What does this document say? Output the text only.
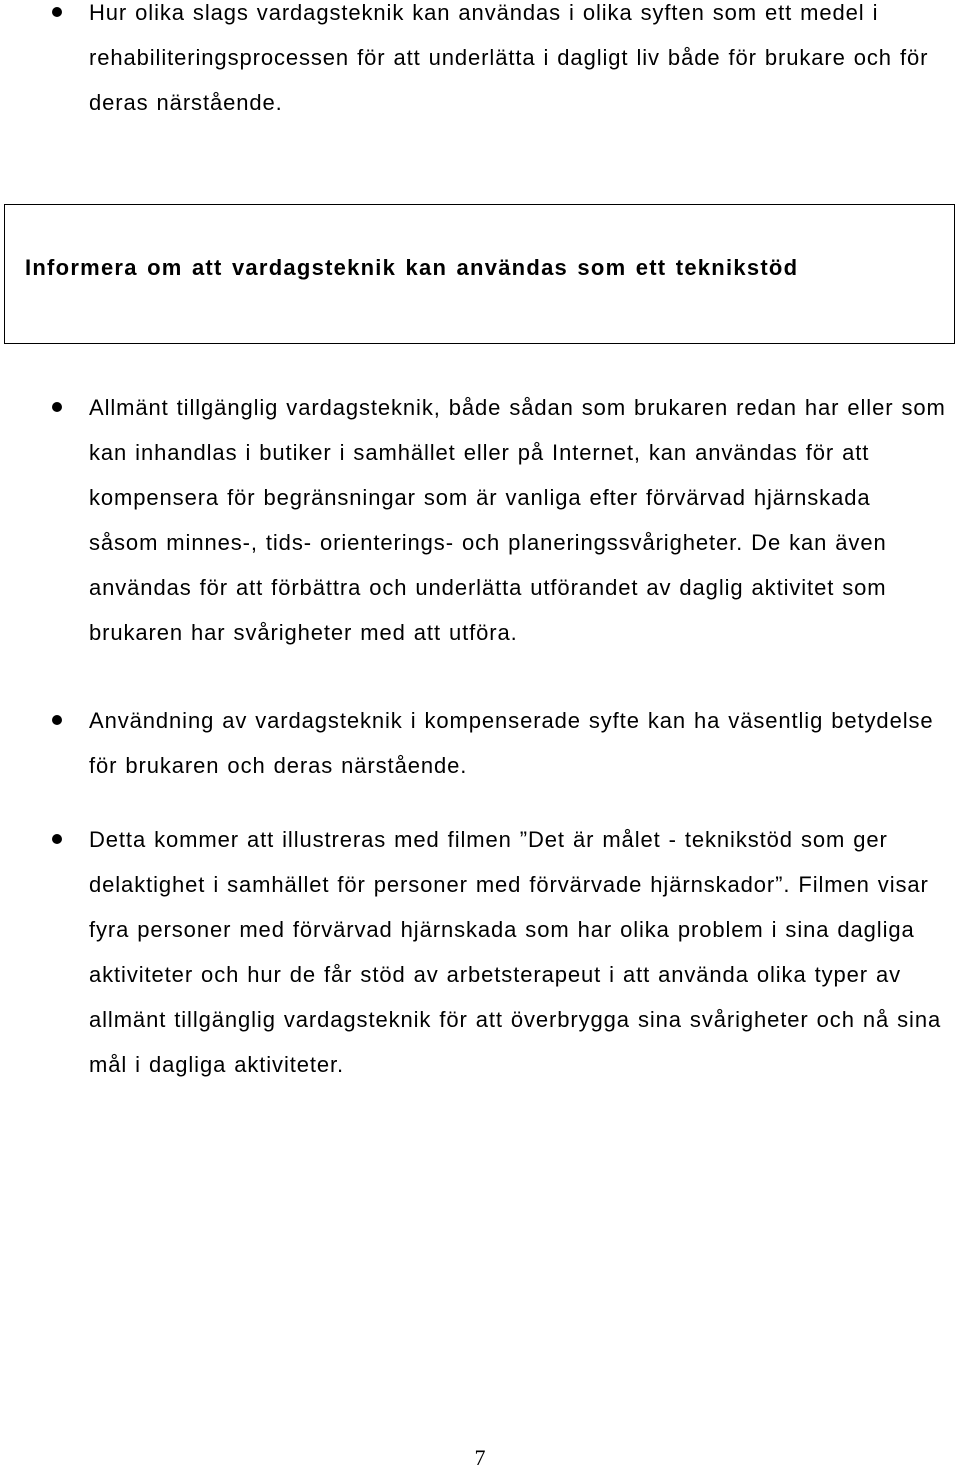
Hur olika slags vardagsteknik kan användas i olika syften som ett medel i rehabiliteringsprocessen för att underlätta i dagligt liv både för brukare och för deras närstående.
Informera om att vardagsteknik kan användas som ett teknikstöd
Allmänt tillgänglig vardagsteknik, både sådan som brukaren redan har eller som kan inhandlas i butiker i samhället eller på Internet, kan användas för att kompensera för begränsningar som är vanliga efter förvärvad hjärnskada såsom minnes-, tids- orienterings- och planeringssvårigheter. De kan även användas för att förbättra och underlätta utförandet av daglig aktivitet som brukaren har svårigheter med att utföra.
Användning av vardagsteknik i kompenserade syfte kan ha väsentlig betydelse för brukaren och deras närstående.
Detta kommer att illustreras med filmen ”Det är målet - teknikstöd som ger delaktighet i samhället för personer med förvärvade hjärnskador”. Filmen visar fyra personer med förvärvad hjärnskada som har olika problem i sina dagliga aktiviteter och hur de får stöd av arbetsterapeut i att använda olika typer av allmänt tillgänglig vardagsteknik för att överbrygga sina svårigheter och nå sina mål i dagliga aktiviteter.
7
